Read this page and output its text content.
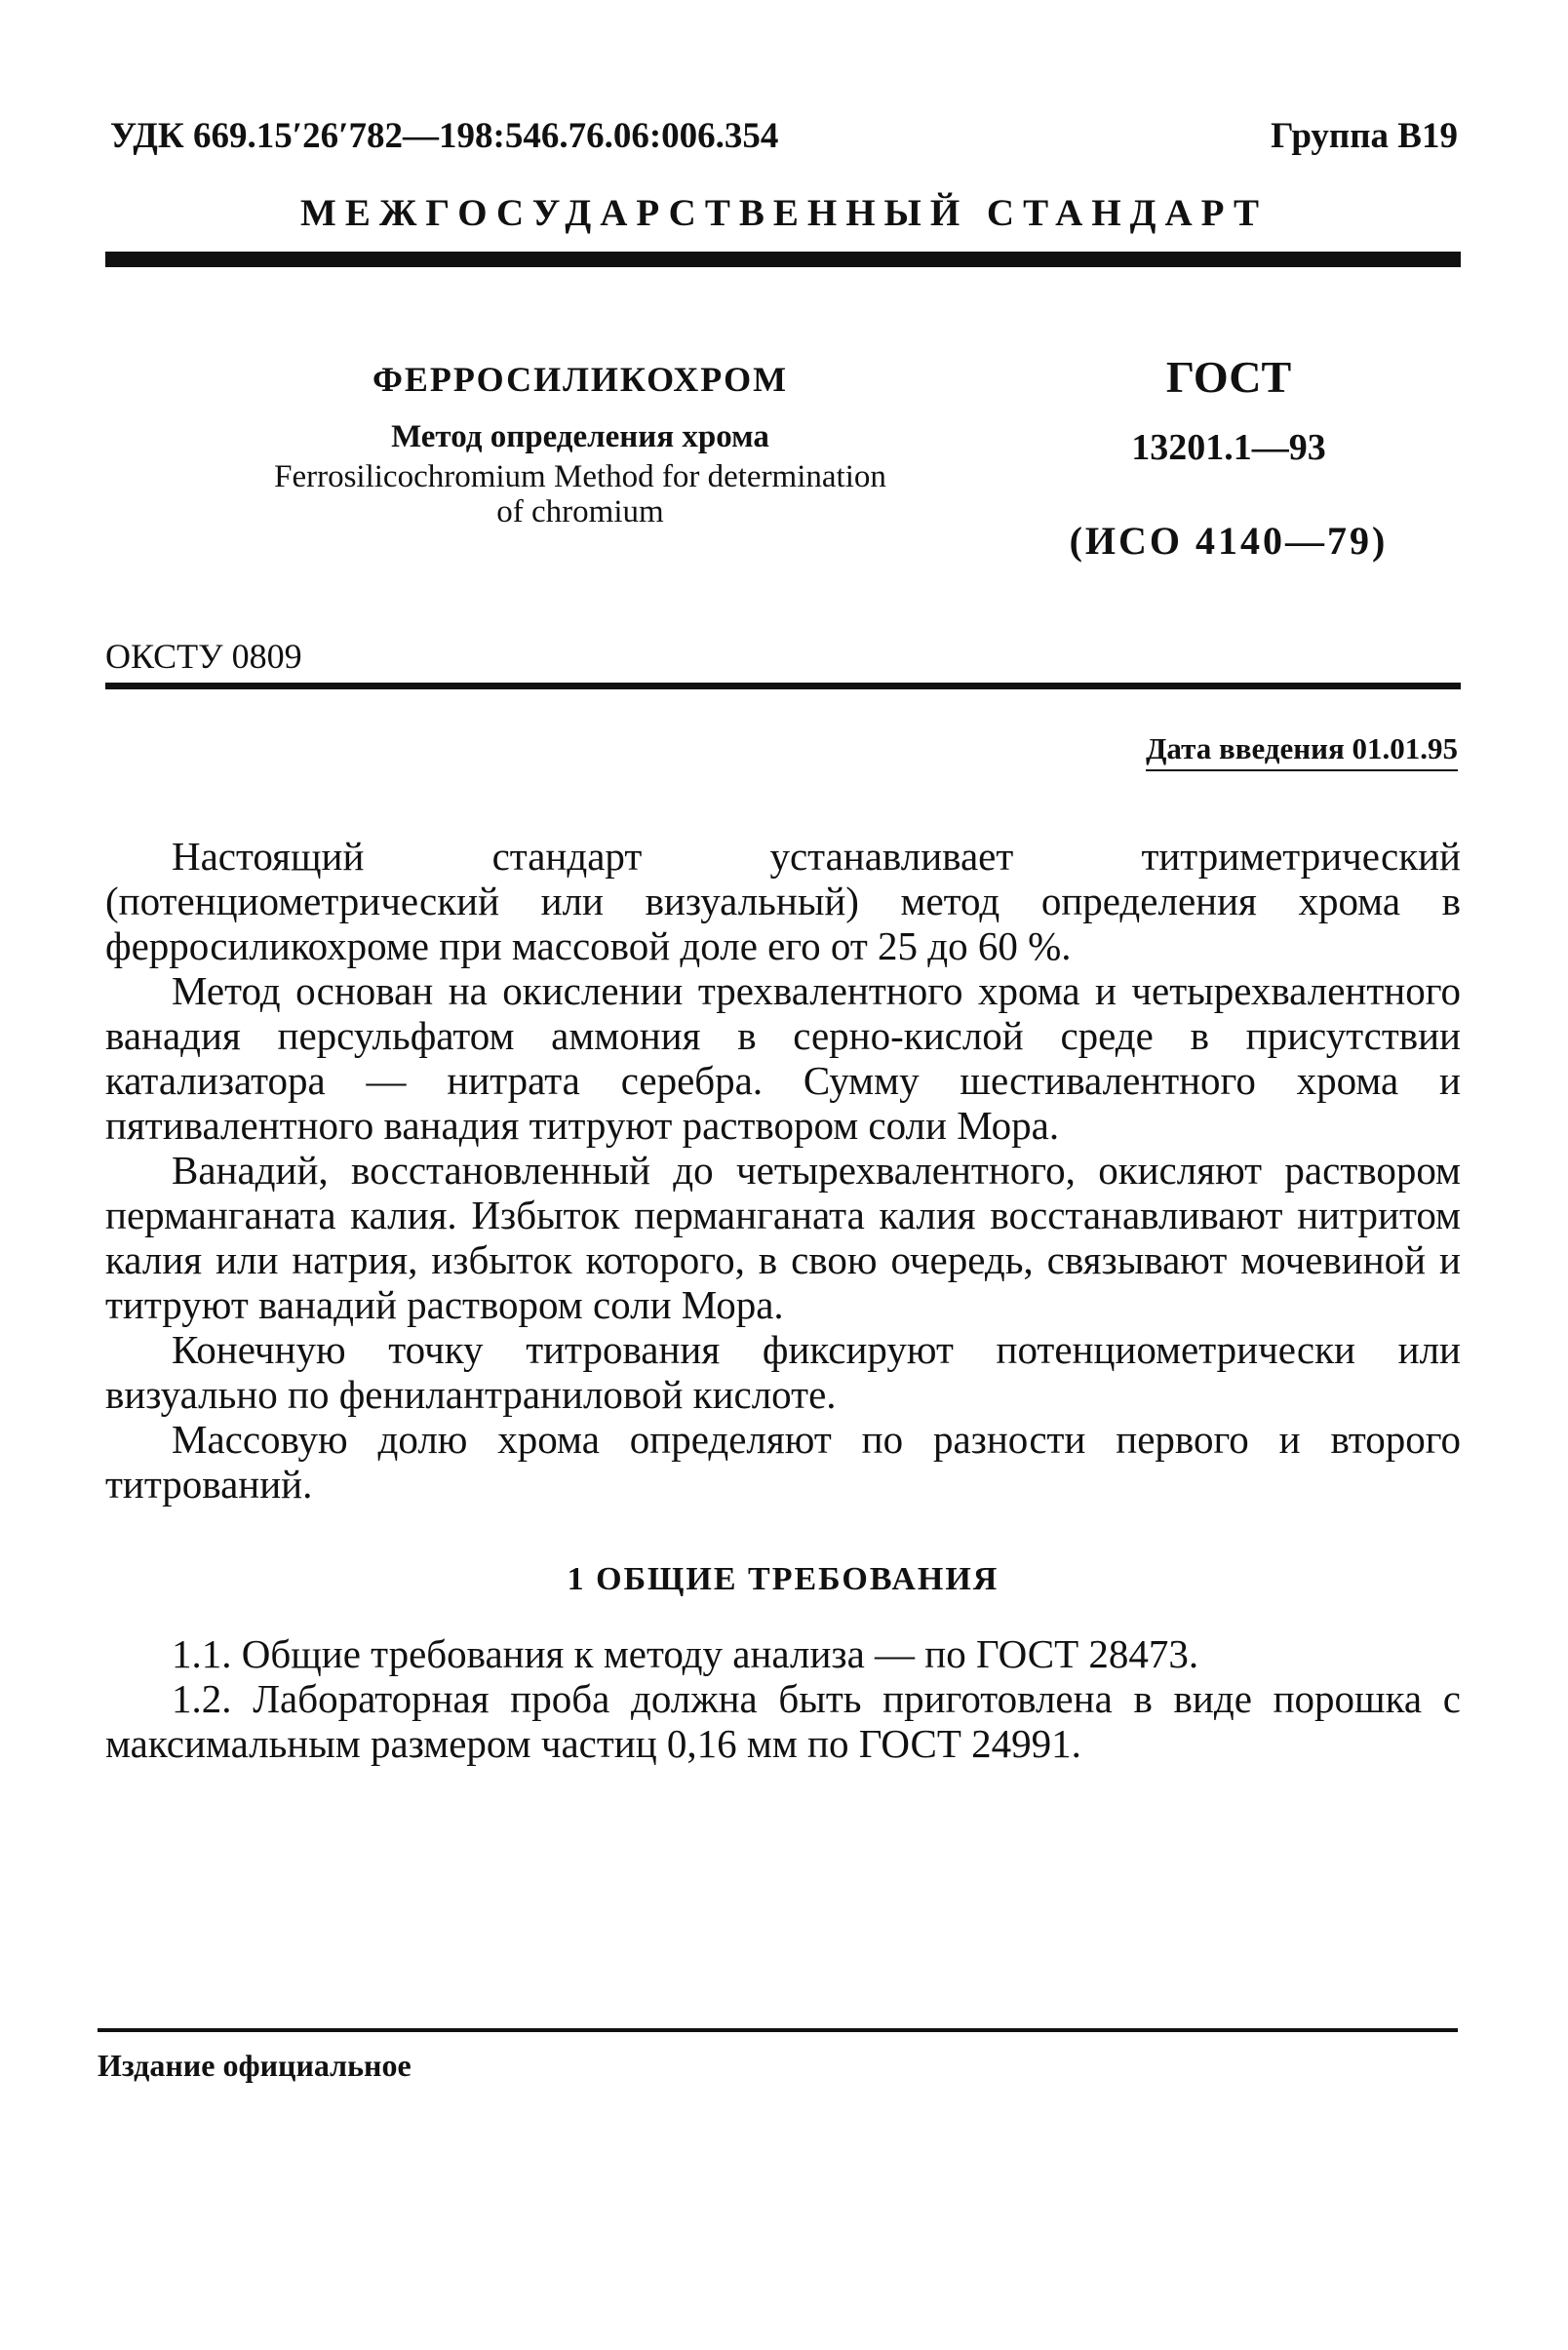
УДК 669.15′26′782—198:546.76.06:006.354	Группа В19
МЕЖГОСУДАРСТВЕННЫЙ СТАНДАРТ
ФЕРРОСИЛИКОХРОМ
Метод определения хрома
Ferrosilicochromium Method for determination
of chromium
ГОСТ
13201.1—93
(ИСО 4140—79)
ОКСТУ 0809
Дата введения 01.01.95

Настоящий стандарт устанавливает титриметрический (потенциометрический или визуальный) метод определения хрома в ферросиликохроме при массовой доле его от 25 до 60 %.

Метод основан на окислении трехвалентного хрома и четырехвалентного ванадия персульфатом аммония в серно-кислой среде в присутствии катализатора — нитрата серебра. Сумму шестивалентного хрома и пятивалентного ванадия титруют раствором соли Мора.

Ванадий, восстановленный до четырехвалентного, окисляют раствором перманганата калия. Избыток перманганата калия восстанавливают нитритом калия или натрия, избыток которого, в свою очередь, связывают мочевиной и титруют ванадий раствором соли Мора.

Конечную точку титрования фиксируют потенциометрически или визуально по фенилантраниловой кислоте.

Массовую долю хрома определяют по разности первого и второго титрований.

1 ОБЩИЕ ТРЕБОВАНИЯ

1.1. Общие требования к методу анализа — по ГОСТ 28473.

1.2. Лабораторная проба должна быть приготовлена в виде порошка с максимальным размером частиц 0,16 мм по ГОСТ 24991.

Издание официальное
